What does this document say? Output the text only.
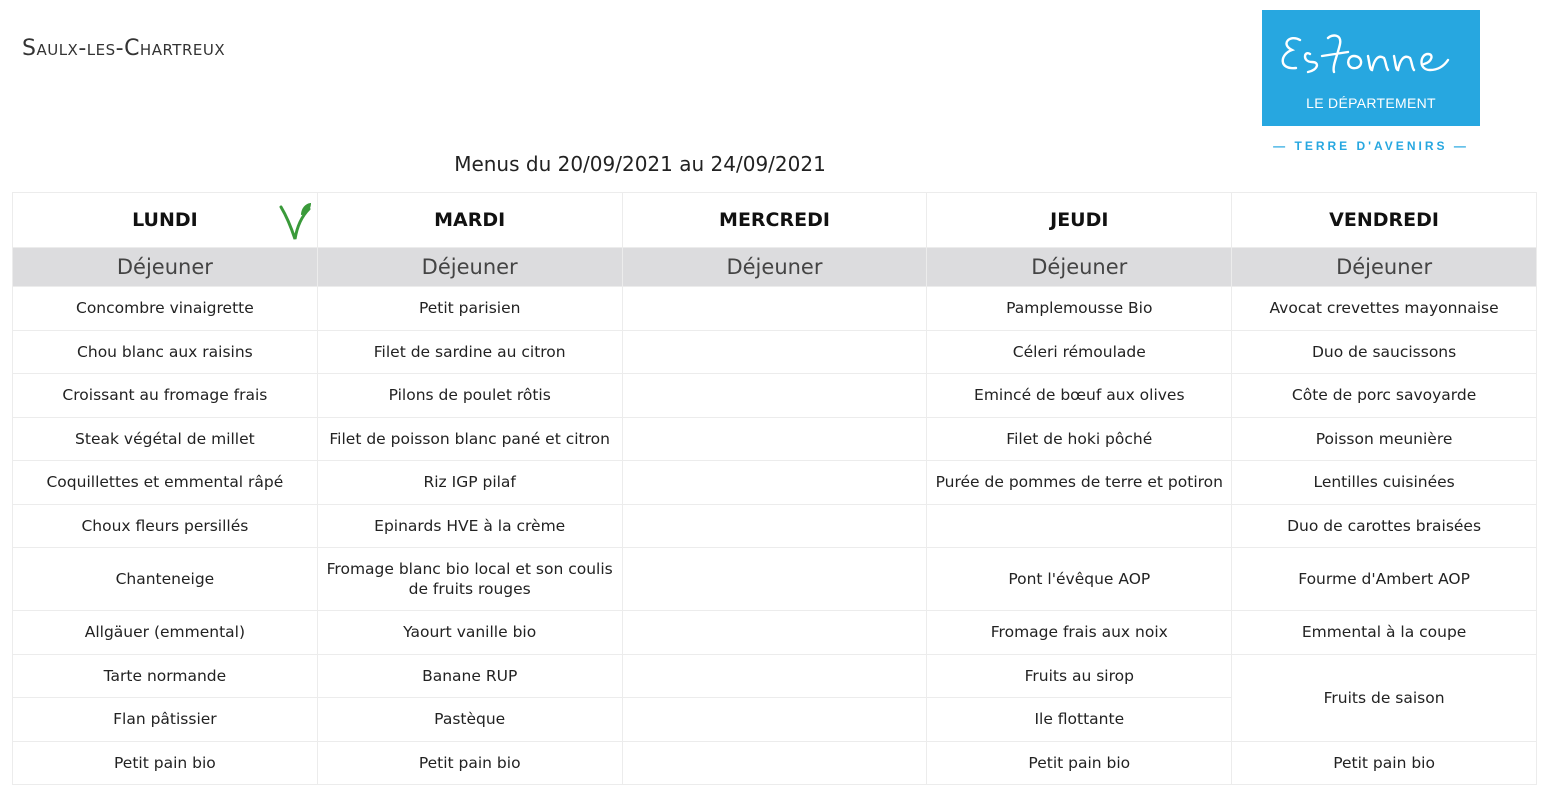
Saulx-les-Chartreux
LE DÉPARTEMENT
— TERRE D'AVENIRS —
Menus du 20/09/2021 au 24/09/2021
LUNDI	MARDI	MERCREDI	JEUDI	VENDREDI
Déjeuner	Déjeuner	Déjeuner	Déjeuner	Déjeuner
Concombre vinaigrette	Petit parisien		Pamplemousse Bio	Avocat crevettes mayonnaise
Chou blanc aux raisins	Filet de sardine au citron		Céleri rémoulade	Duo de saucissons
Croissant au fromage frais	Pilons de poulet rôtis		Emincé de bœuf aux olives	Côte de porc savoyarde
Steak végétal de millet	Filet de poisson blanc pané et citron		Filet de hoki pôché	Poisson meunière
Coquillettes et emmental râpé	Riz IGP pilaf		Purée de pommes de terre et potiron	Lentilles cuisinées
Choux fleurs persillés	Epinards HVE à la crème			Duo de carottes braisées
Chanteneige	Fromage blanc bio local et son coulis de fruits rouges		Pont l'évêque AOP	Fourme d'Ambert AOP
Allgäuer (emmental)	Yaourt vanille bio		Fromage frais aux noix	Emmental à la coupe
Tarte normande	Banane RUP		Fruits au sirop	Fruits de saison
Flan pâtissier	Pastèque		Ile flottante	
Petit pain bio	Petit pain bio		Petit pain bio	Petit pain bio
